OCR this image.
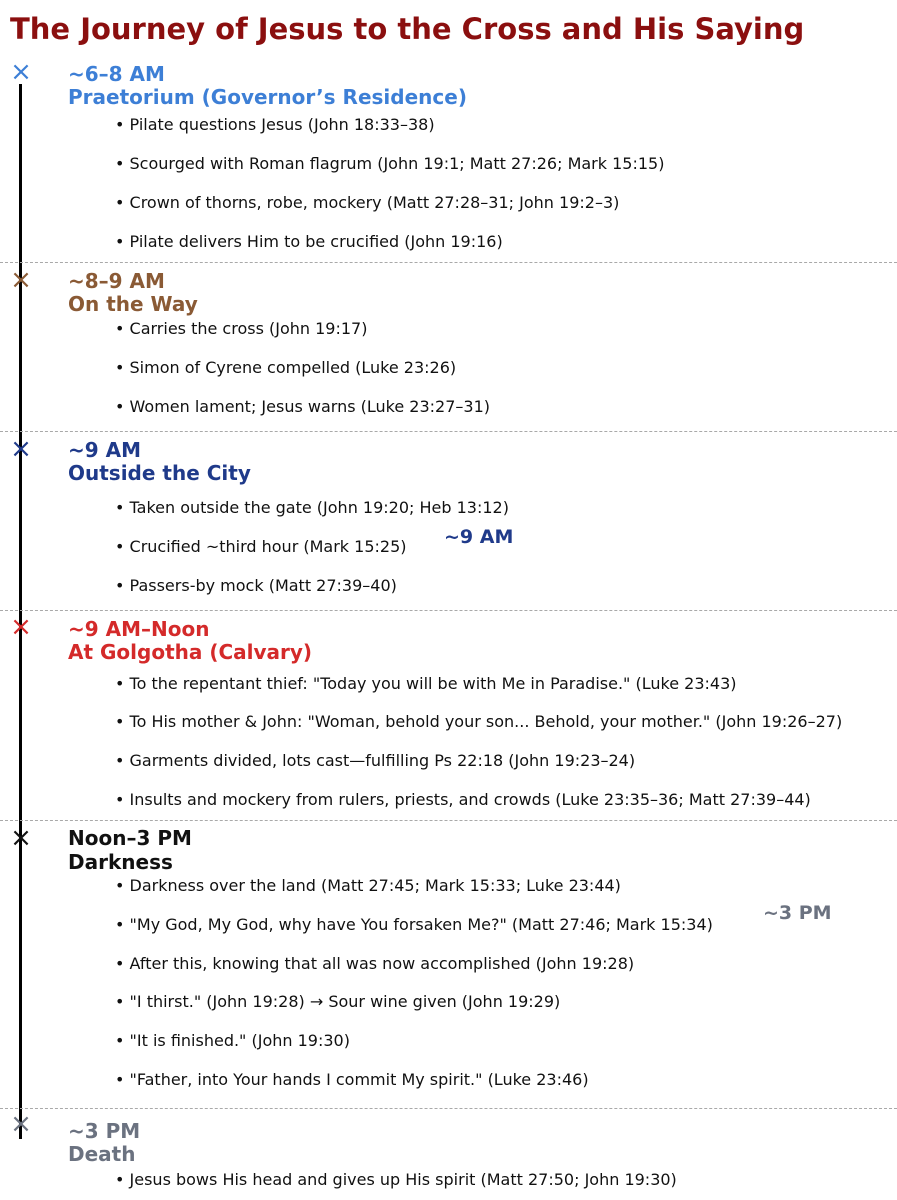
The Journey of Jesus to the Cross and His Saying
× ~6–8 AM
Praetorium (Governor’s Residence)
• Pilate questions Jesus (John 18:33–38)
• Scourged with Roman flagrum (John 19:1; Matt 27:26; Mark 15:15)
• Crown of thorns, robe, mockery (Matt 27:28–31; John 19:2–3)
• Pilate delivers Him to be crucified (John 19:16)
× ~8–9 AM
On the Way
• Carries the cross (John 19:17)
• Simon of Cyrene compelled (Luke 23:26)
• Women lament; Jesus warns (Luke 23:27–31)
× ~9 AM
Outside the City
• Taken outside the gate (John 19:20; Heb 13:12)
• Crucified ~third hour (Mark 15:25)
• Passers-by mock (Matt 27:39–40)
~9 AM
× ~9 AM–Noon
At Golgotha (Calvary)
• To the repentant thief: "Today you will be with Me in Paradise." (Luke 23:43)
• To His mother & John: "Woman, behold your son... Behold, your mother." (John 19:26–27)
• Garments divided, lots cast—fulfilling Ps 22:18 (John 19:23–24)
• Insults and mockery from rulers, priests, and crowds (Luke 23:35–36; Matt 27:39–44)
× Noon–3 PM
Darkness
• Darkness over the land (Matt 27:45; Mark 15:33; Luke 23:44)
• "My God, My God, why have You forsaken Me?" (Matt 27:46; Mark 15:34)
• After this, knowing that all was now accomplished (John 19:28)
• "I thirst." (John 19:28) → Sour wine given (John 19:29)
• "It is finished." (John 19:30)
• "Father, into Your hands I commit My spirit." (Luke 23:46)
~3 PM
× ~3 PM
Death
• Jesus bows His head and gives up His spirit (Matt 27:50; John 19:30)
